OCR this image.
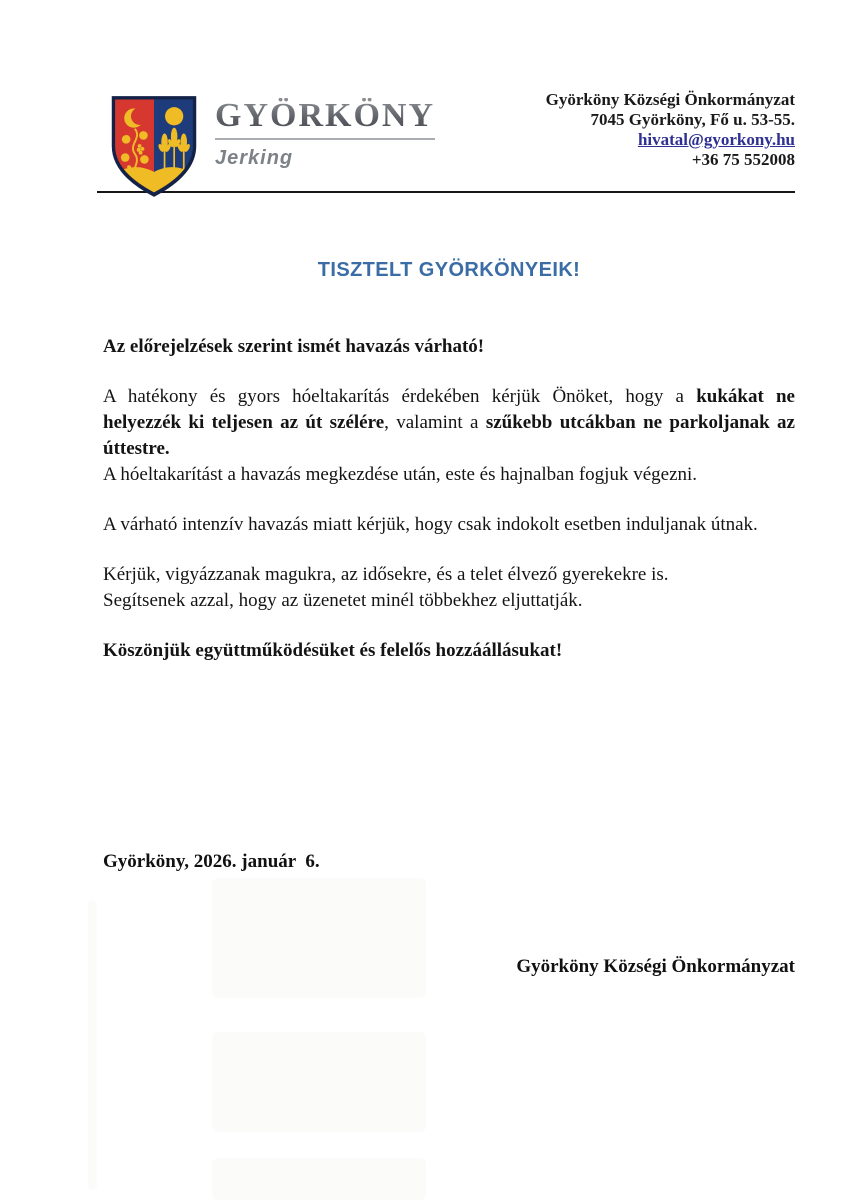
GYÖRKÖNY
Jerking
Györköny Községi Önkormányzat
7045 Györköny, Fő u. 53-55.
hivatal@gyorkony.hu
+36 75 552008
TISZTELT GYÖRKÖNYEIK!

Az előrejelzések szerint ismét havazás várható!

A hatékony és gyors hóeltakarítás érdekében kérjük Önöket, hogy a kukákat ne helyezzék ki teljesen az út szélére, valamint a szűkebb utcákban ne parkoljanak az úttestre.

A hóeltakarítást a havazás megkezdése után, este és hajnalban fogjuk végezni.

A várható intenzív havazás miatt kérjük, hogy csak indokolt esetben induljanak útnak.

Kérjük, vigyázzanak magukra, az idősekre, és a telet élvező gyerekekre is.

Segítsenek azzal, hogy az üzenetet minél többekhez eljuttatják.

Köszönjük együttműködésüket és felelős hozzáállásukat!

Györköny, 2026. január  6.
Györköny Községi Önkormányzat
